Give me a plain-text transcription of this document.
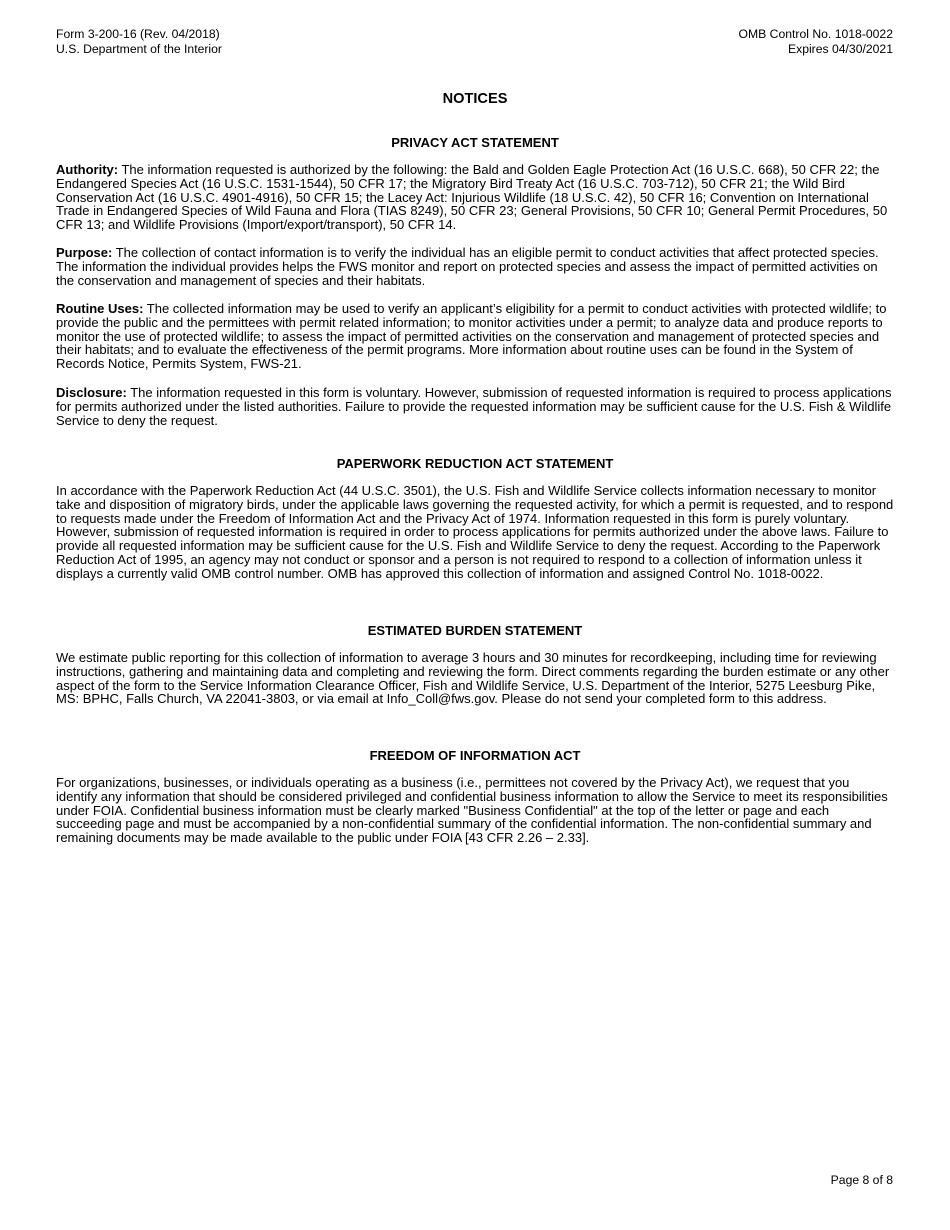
Form 3-200-16 (Rev. 04/2018)
U.S. Department of the Interior
OMB Control No. 1018-0022
Expires 04/30/2021
NOTICES
PRIVACY ACT STATEMENT

Authority: The information requested is authorized by the following: the Bald and Golden Eagle Protection Act (16 U.S.C. 668), 50 CFR 22; the Endangered Species Act (16 U.S.C. 1531-1544), 50 CFR 17; the Migratory Bird Treaty Act (16 U.S.C. 703-712), 50 CFR 21; the Wild Bird Conservation Act (16 U.S.C. 4901-4916), 50 CFR 15; the Lacey Act: Injurious Wildlife (18 U.S.C. 42), 50 CFR 16; Convention on International Trade in Endangered Species of Wild Fauna and Flora (TIAS 8249), 50 CFR 23; General Provisions, 50 CFR 10; General Permit Procedures, 50 CFR 13; and Wildlife Provisions (Import/export/transport), 50 CFR 14.

Purpose: The collection of contact information is to verify the individual has an eligible permit to conduct activities that affect protected species. The information the individual provides helps the FWS monitor and report on protected species and assess the impact of permitted activities on the conservation and management of species and their habitats.

Routine Uses: The collected information may be used to verify an applicant’s eligibility for a permit to conduct activities with protected wildlife; to provide the public and the permittees with permit related information; to monitor activities under a permit; to analyze data and produce reports to monitor the use of protected wildlife; to assess the impact of permitted activities on the conservation and management of protected species and their habitats; and to evaluate the effectiveness of the permit programs. More information about routine uses can be found in the System of Records Notice, Permits System, FWS-21.

Disclosure: The information requested in this form is voluntary. However, submission of requested information is required to process applications for permits authorized under the listed authorities. Failure to provide the requested information may be sufficient cause for the U.S. Fish & Wildlife Service to deny the request.

PAPERWORK REDUCTION ACT STATEMENT

In accordance with the Paperwork Reduction Act (44 U.S.C. 3501), the U.S. Fish and Wildlife Service collects information necessary to monitor take and disposition of migratory birds, under the applicable laws governing the requested activity, for which a permit is requested, and to respond to requests made under the Freedom of Information Act and the Privacy Act of 1974. Information requested in this form is purely voluntary. However, submission of requested information is required in order to process applications for permits authorized under the above laws. Failure to provide all requested information may be sufficient cause for the U.S. Fish and Wildlife Service to deny the request. According to the Paperwork Reduction Act of 1995, an agency may not conduct or sponsor and a person is not required to respond to a collection of information unless it displays a currently valid OMB control number. OMB has approved this collection of information and assigned Control No. 1018-0022.

ESTIMATED BURDEN STATEMENT

We estimate public reporting for this collection of information to average 3 hours and 30 minutes for recordkeeping, including time for reviewing instructions, gathering and maintaining data and completing and reviewing the form. Direct comments regarding the burden estimate or any other aspect of the form to the Service Information Clearance Officer, Fish and Wildlife Service, U.S. Department of the Interior, 5275 Leesburg Pike, MS: BPHC, Falls Church, VA 22041-3803, or via email at Info_Coll@fws.gov. Please do not send your completed form to this address.

FREEDOM OF INFORMATION ACT

For organizations, businesses, or individuals operating as a business (i.e., permittees not covered by the Privacy Act), we request that you identify any information that should be considered privileged and confidential business information to allow the Service to meet its responsibilities under FOIA. Confidential business information must be clearly marked "Business Confidential" at the top of the letter or page and each succeeding page and must be accompanied by a non-confidential summary of the confidential information. The non-confidential summary and remaining documents may be made available to the public under FOIA [43 CFR 2.26 – 2.33].

Page 8 of 8
